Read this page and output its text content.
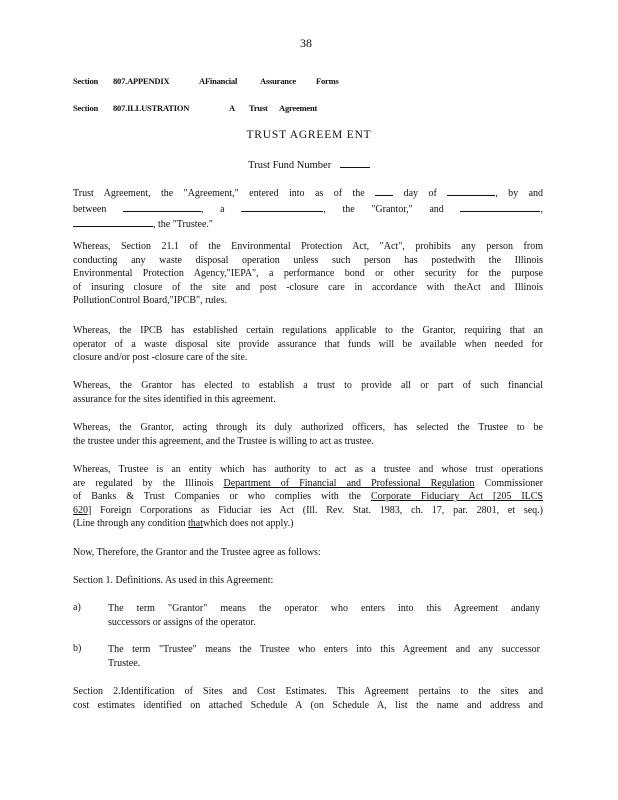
38
Section 807.APPENDIX	AFinancial	Assurance Forms
Section 807.ILLUSTRATION	A Trust Agreement
TRUST AGREEM ENT
Trust Fund Number
Trust Agreement, the "Agreement," entered into as of the	day of	, by and
between	, a	, the "Grantor," and	,
, the "Trustee."
Whereas, Section 21.1 of the Environmental Protection Act, "Act", prohibits any person from
conducting any waste disposal operation unless such person has postedwith the Illinois
Environmental Protection Agency,"IEPA", a performance bond or other security for the purpose
of insuring closure of the site and post -closure care in accordance with theAct and Illinois
PollutionControl Board,"IPCB", rules.
Whereas, the IPCB has established certain regulations applicable to the Grantor, requiring that an
operator of a waste disposal site provide assurance that funds will be available when needed for
closure and/or post -closure care of the site.
Whereas, the Grantor has elected to establish a trust to provide all or part of such financial
assurance for the sites identified in this agreement.
Whereas, the Grantor, acting through its duly authorized officers, has selected the Trustee to be
the trustee under this agreement, and the Trustee is willing to act as trustee.
Whereas, Trustee is an entity which has authority to act as a trustee and whose trust operations
are regulated by the Illinois Department of Financial and Professional Regulation Commissioner
of Banks & Trust Companies or who complies with the Corporate Fiduciary Act [205 ILCS
620] Foreign Corporations as Fiduciar ies Act (Ill. Rev. Stat. 1983, ch. 17, par. 2801, et seq.)
(Line through any condition thatwhich does not apply.)
Now, Therefore, the Grantor and the Trustee agree as follows:
Section 1. Definitions. As used in this Agreement:
a)	The term "Grantor" means the operator who enters into this Agreement andany
successors or assigns of the operator.
b)	The term "Trustee" means the Trustee who enters into this Agreement and any successor
Trustee.
Section 2.Identification of Sites and Cost Estimates. This Agreement pertains to the sites and
cost estimates identified on attached Schedule A (on Schedule A, list the name and address and
